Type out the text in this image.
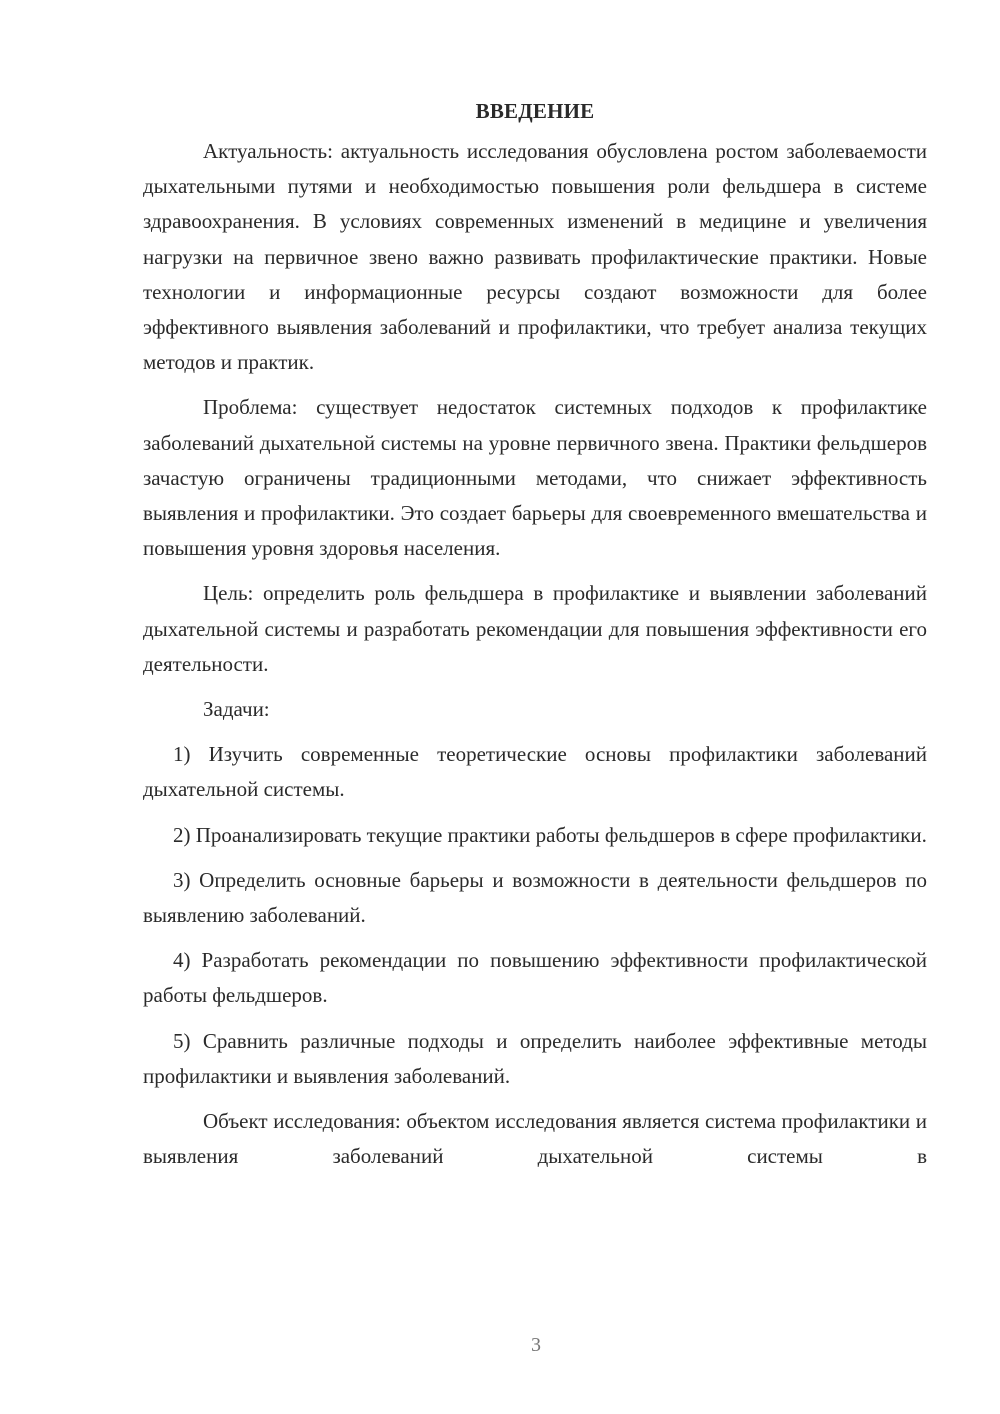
ВВЕДЕНИЕ

Актуальность: актуальность исследования обусловлена ростом заболеваемости дыхательными путями и необходимостью повышения роли фельдшера в системе здравоохранения. В условиях современных изменений в медицине и увеличения нагрузки на первичное звено важно развивать профилактические практики. Новые технологии и информационные ресурсы создают возможности для более эффективного выявления заболеваний и профилактики, что требует анализа текущих методов и практик.

Проблема: существует недостаток системных подходов к профилактике заболеваний дыхательной системы на уровне первичного звена. Практики фельдшеров зачастую ограничены традиционными методами, что снижает эффективность выявления и профилактики. Это создает барьеры для своевременного вмешательства и повышения уровня здоровья населения.

Цель: определить роль фельдшера в профилактике и выявлении заболеваний дыхательной системы и разработать рекомендации для повышения эффективности его деятельности.

Задачи:

1) Изучить современные теоретические основы профилактики заболеваний дыхательной системы.

2) Проанализировать текущие практики работы фельдшеров в сфере профилактики.

3) Определить основные барьеры и возможности в деятельности фельдшеров по выявлению заболеваний.

4) Разработать рекомендации по повышению эффективности профилактической работы фельдшеров.

5) Сравнить различные подходы и определить наиболее эффективные методы профилактики и выявления заболеваний.

Объект исследования: объектом исследования является система профилактики и выявления заболеваний дыхательной системы в

3
